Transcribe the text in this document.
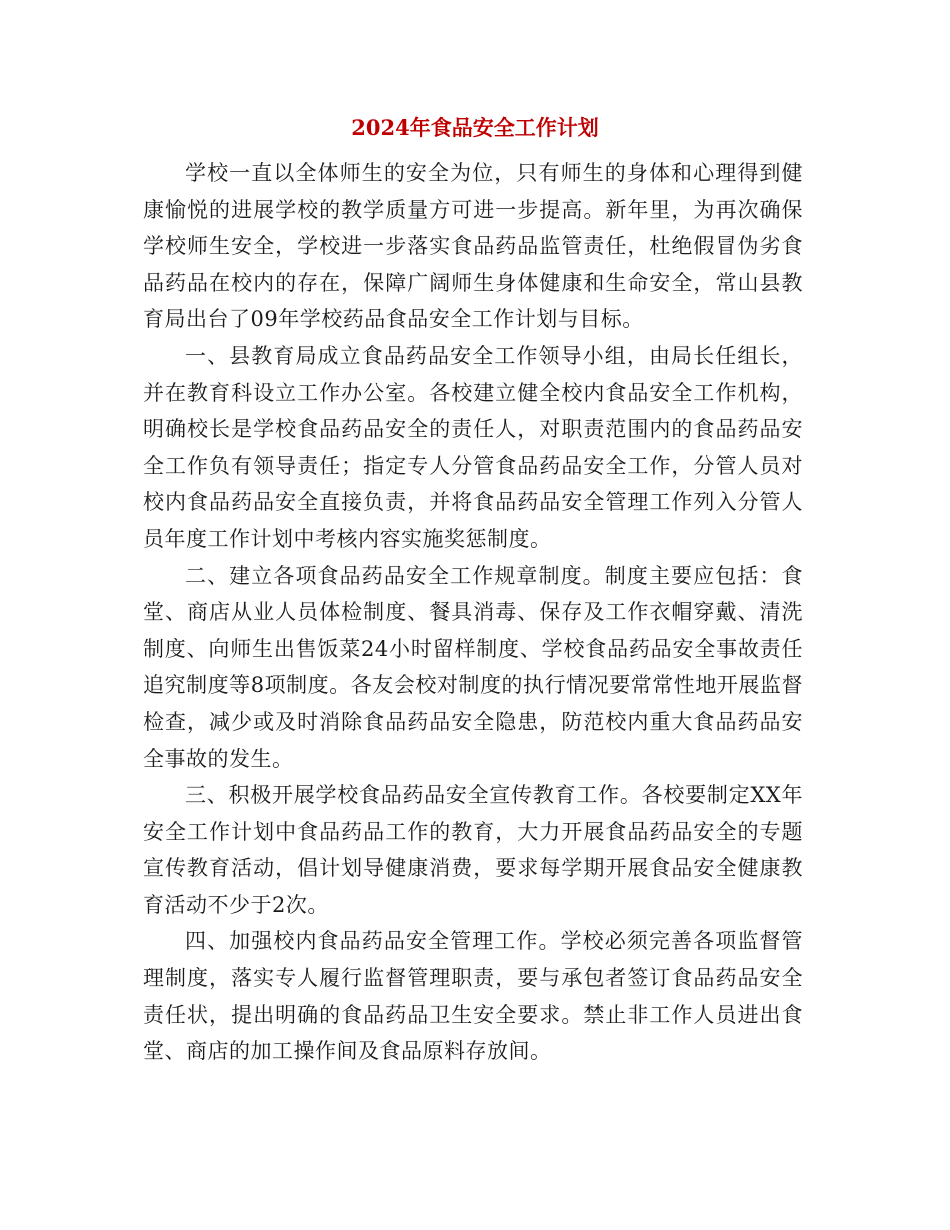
2024年食品安全工作计划

学校一直以全体师生的安全为位，只有师生的身体和心理得到健康愉悦的进展学校的教学质量方可进一步提高。新年里，为再次确保学校师生安全，学校进一步落实食品药品监管责任，杜绝假冒伪劣食品药品在校内的存在，保障广阔师生身体健康和生命安全，常山县教育局出台了09年学校药品食品安全工作计划与目标。

一、县教育局成立食品药品安全工作领导小组，由局长任组长，并在教育科设立工作办公室。各校建立健全校内食品安全工作机构，明确校长是学校食品药品安全的责任人，对职责范围内的食品药品安全工作负有领导责任；指定专人分管食品药品安全工作，分管人员对校内食品药品安全直接负责，并将食品药品安全管理工作列入分管人员年度工作计划中考核内容实施奖惩制度。

二、建立各项食品药品安全工作规章制度。制度主要应包括：食堂、商店从业人员体检制度、餐具消毒、保存及工作衣帽穿戴、清洗制度、向师生出售饭菜24小时留样制度、学校食品药品安全事故责任追究制度等8项制度。各友会校对制度的执行情况要常常性地开展监督检查，减少或及时消除食品药品安全隐患，防范校内重大食品药品安全事故的发生。

三、积极开展学校食品药品安全宣传教育工作。各校要制定XX年安全工作计划中食品药品工作的教育，大力开展食品药品安全的专题宣传教育活动，倡计划导健康消费，要求每学期开展食品安全健康教育活动不少于2次。

四、加强校内食品药品安全管理工作。学校必须完善各项监督管理制度，落实专人履行监督管理职责，要与承包者签订食品药品安全责任状，提出明确的食品药品卫生安全要求。禁止非工作人员进出食堂、商店的加工操作间及食品原料存放间。
